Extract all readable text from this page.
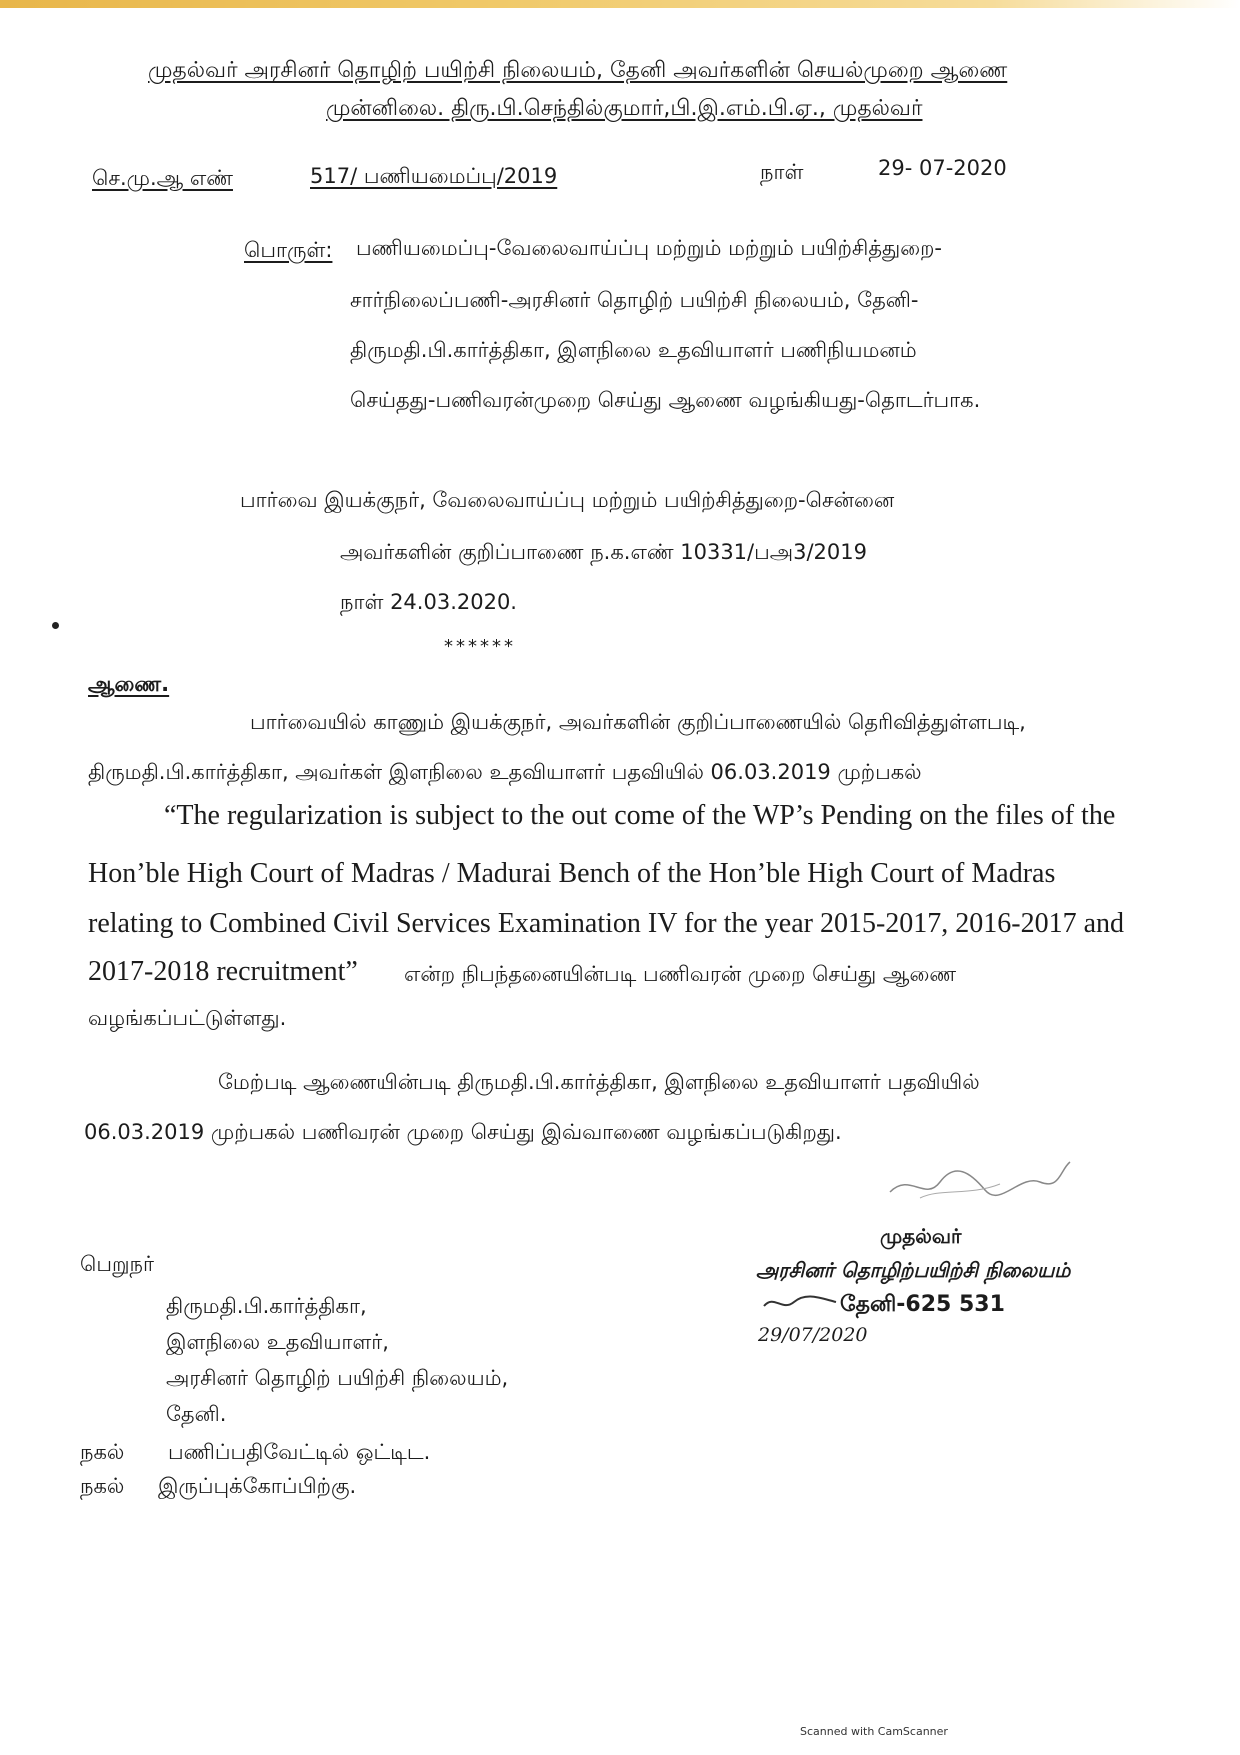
முதல்வர் அரசினர் தொழிற் பயிற்சி நிலையம், தேனி அவர்களின் செயல்முறை ஆணை
முன்னிலை. திரு.பி.செந்தில்குமார்,பி.இ.எம்.பி.ஏ., முதல்வர்
செ.மு.ஆ எண்	517/ பணியமைப்பு/2019	நாள்	29- 07-2020
பொருள்: பணியமைப்பு-வேலைவாய்ப்பு மற்றும் மற்றும் பயிற்சித்துறை-
சார்நிலைப்பணி-அரசினர் தொழிற் பயிற்சி நிலையம், தேனி-
திருமதி.பி.கார்த்திகா, இளநிலை உதவியாளர் பணிநியமனம்
செய்தது-பணிவரன்முறை செய்து ஆணை வழங்கியது-தொடர்பாக.
பார்வை இயக்குநர், வேலைவாய்ப்பு மற்றும் பயிற்சித்துறை-சென்னை
அவர்களின் குறிப்பாணை ந.க.எண் 10331/பஅ3/2019
நாள் 24.03.2020.
******
ஆணை.
பார்வையில் காணும் இயக்குநர், அவர்களின் குறிப்பாணையில் தெரிவித்துள்ளபடி,
திருமதி.பி.கார்த்திகா, அவர்கள் இளநிலை உதவியாளர் பதவியில் 06.03.2019 முற்பகல்
“The regularization is subject to the out come of the WP’s Pending on the files of the
Hon’ble High Court of Madras / Madurai Bench of the Hon’ble High Court of Madras
relating to Combined Civil Services Examination IV for the year 2015-2017, 2016-2017 and
2017-2018 recruitment” என்ற நிபந்தனையின்படி பணிவரன் முறை செய்து ஆணை
வழங்கப்பட்டுள்ளது.
மேற்படி ஆணையின்படி திருமதி.பி.கார்த்திகா, இளநிலை உதவியாளர் பதவியில்
06.03.2019 முற்பகல் பணிவரன் முறை செய்து இவ்வாணை வழங்கப்படுகிறது.
முதல்வர்
அரசினர் தொழிற்பயிற்சி நிலையம்
தேனி-625 531
29/07/2020
பெறுநர்
திருமதி.பி.கார்த்திகா,
இளநிலை உதவியாளர்,
அரசினர் தொழிற் பயிற்சி நிலையம்,
தேனி.
நகல் பணிப்பதிவேட்டில் ஒட்டிட.
நகல் இருப்புக்கோப்பிற்கு.
Scanned with CamScanner
